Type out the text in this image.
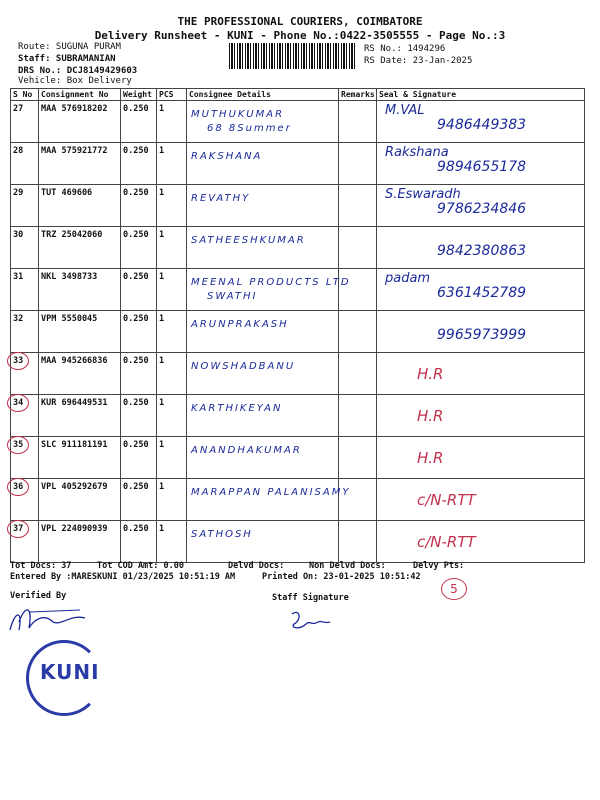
THE PROFESSIONAL COURIERS, COIMBATORE
Delivery Runsheet - KUNI - Phone No.:0422-3505555 - Page No.:3
Route: SUGUNA PURAM
Staff: SUBRAMANIAN
DRS No.: DCJ8149429603
Vehicle: Box Delivery
RS No.: 1494296
RS Date: 23-Jan-2025
S No	Consignment No	Weight	PCS	Consignee Details	Remarks	Seal & Signature
27	MAA 576918202	0.250	1	MUTHUKUMAR
68 8Summer		M.VAL
9486449383

28	MAA 575921772	0.250	1	RAKSHANA		Rakshana
9894655178

29	TUT 469606	0.250	1	REVATHY		S.Eswaradh
9786234846

30	TRZ 25042060	0.250	1	SATHEESHKUMAR		9842380863

31	NKL 3498733	0.250	1	MEENAL PRODUCTS LTD
SWATHI		padam
6361452789

32	VPM 5550045	0.250	1	ARUNPRAKASH		9965973999

33	MAA 945266836	0.250	1	NOWSHADBANU		H.R

34	KUR 696449531	0.250	1	KARTHIKEYAN		H.R

35	SLC 911181191	0.250	1	ANANDHAKUMAR		H.R

36	VPL 405292679	0.250	1	MARAPPAN PALANISAMY		c/N-RTT

37	VPL 224090939	0.250	1	SATHOSH		c/N-RTT
Tot Docs: 37	Tot COD Amt: 0.00	Delvd Docs:	Non Delvd Docs:	Delvy Pts:
Entered By :MARESKUNI 01/23/2025 10:51:19 AM	Printed On: 23-01-2025 10:51:42
5
Verified By	Staff Signature
KUNI
